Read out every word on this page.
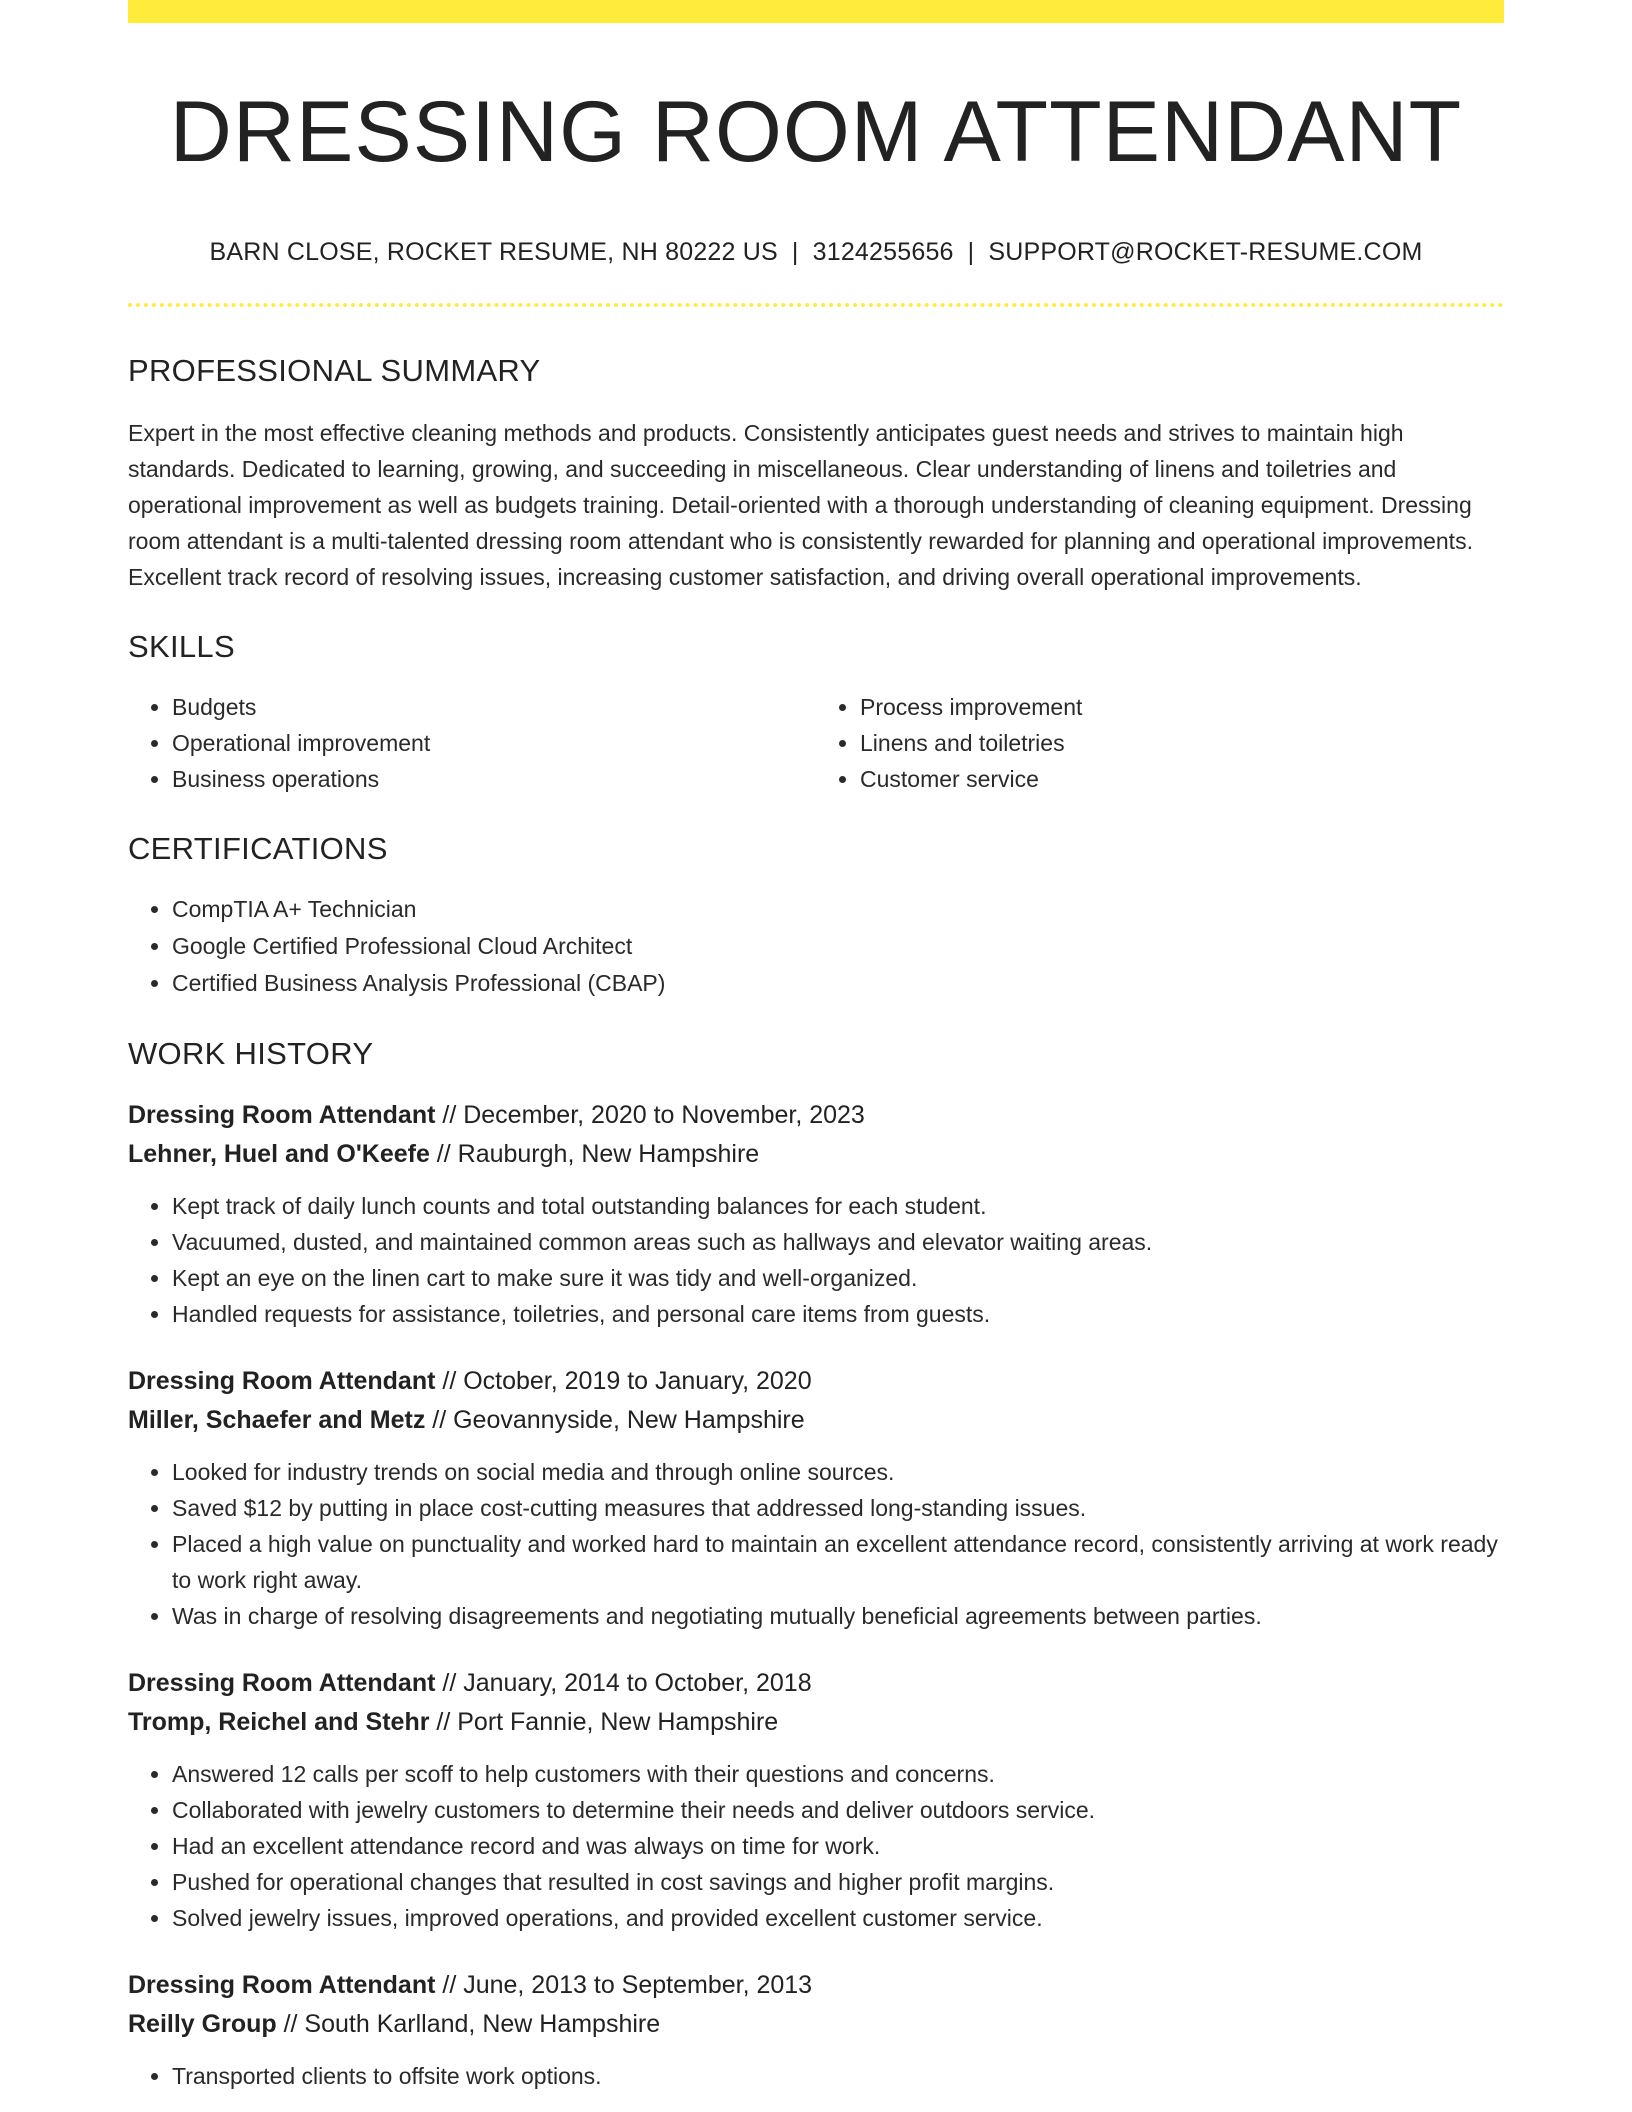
DRESSING ROOM ATTENDANT
BARN CLOSE, ROCKET RESUME, NH 80222 US | 3124255656 | SUPPORT@ROCKET-RESUME.COM
PROFESSIONAL SUMMARY
Expert in the most effective cleaning methods and products. Consistently anticipates guest needs and strives to maintain high standards. Dedicated to learning, growing, and succeeding in miscellaneous. Clear understanding of linens and toiletries and operational improvement as well as budgets training. Detail-oriented with a thorough understanding of cleaning equipment. Dressing room attendant is a multi-talented dressing room attendant who is consistently rewarded for planning and operational improvements. Excellent track record of resolving issues, increasing customer satisfaction, and driving overall operational improvements.
SKILLS
• Budgets
• Operational improvement
• Business operations
• Process improvement
• Linens and toiletries
• Customer service
CERTIFICATIONS
• CompTIA A+ Technician
• Google Certified Professional Cloud Architect
• Certified Business Analysis Professional (CBAP)
WORK HISTORY
Dressing Room Attendant // December, 2020 to November, 2023
Lehner, Huel and O'Keefe // Rauburgh, New Hampshire
• Kept track of daily lunch counts and total outstanding balances for each student.
• Vacuumed, dusted, and maintained common areas such as hallways and elevator waiting areas.
• Kept an eye on the linen cart to make sure it was tidy and well-organized.
• Handled requests for assistance, toiletries, and personal care items from guests.
Dressing Room Attendant // October, 2019 to January, 2020
Miller, Schaefer and Metz // Geovannyside, New Hampshire
• Looked for industry trends on social media and through online sources.
• Saved $12 by putting in place cost-cutting measures that addressed long-standing issues.
• Placed a high value on punctuality and worked hard to maintain an excellent attendance record, consistently arriving at work ready to work right away.
• Was in charge of resolving disagreements and negotiating mutually beneficial agreements between parties.
Dressing Room Attendant // January, 2014 to October, 2018
Tromp, Reichel and Stehr // Port Fannie, New Hampshire
• Answered 12 calls per scoff to help customers with their questions and concerns.
• Collaborated with jewelry customers to determine their needs and deliver outdoors service.
• Had an excellent attendance record and was always on time for work.
• Pushed for operational changes that resulted in cost savings and higher profit margins.
• Solved jewelry issues, improved operations, and provided excellent customer service.
Dressing Room Attendant // June, 2013 to September, 2013
Reilly Group // South Karlland, New Hampshire
• Transported clients to offsite work options.
